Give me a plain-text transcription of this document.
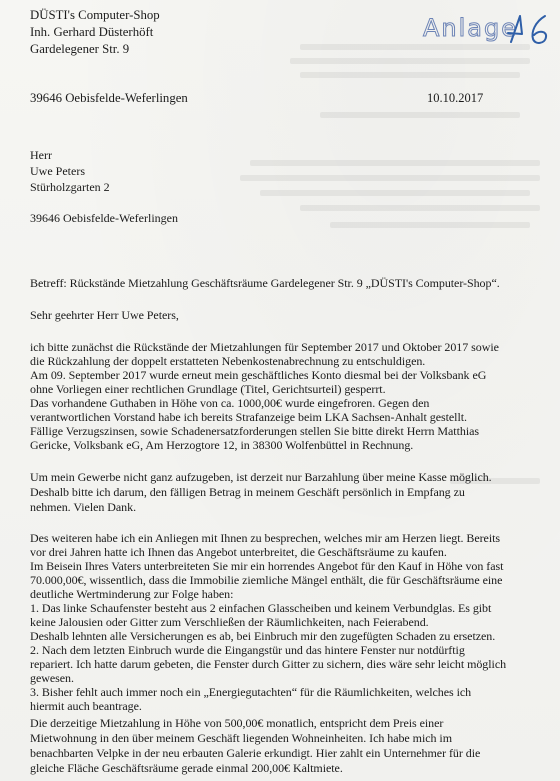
Anlage
DÜSTI's Computer-Shop
Inh. Gerhard Düsterhöft
Gardelegener Str. 9
39646 Oebisfelde-Weferlingen	10.10.2017
Herr
Uwe Peters
Stürholzgarten 2
39646 Oebisfelde-Weferlingen
Betreff: Rückstände Mietzahlung Geschäftsräume Gardelegener Str. 9 „DÜSTI's Computer-Shop“.
Sehr geehrter Herr Uwe Peters,
ich bitte zunächst die Rückstände der Mietzahlungen für September 2017 und Oktober 2017 sowie
die Rückzahlung der doppelt erstatteten Nebenkostenabrechnung zu entschuldigen.
Am 09. September 2017 wurde erneut mein geschäftliches Konto diesmal bei der Volksbank eG
ohne Vorliegen einer rechtlichen Grundlage (Titel, Gerichtsurteil) gesperrt.
Das vorhandene Guthaben in Höhe von ca. 1000,00€ wurde eingefroren. Gegen den
verantwortlichen Vorstand habe ich bereits Strafanzeige beim LKA Sachsen-Anhalt gestellt.
Fällige Verzugszinsen, sowie Schadenersatzforderungen stellen Sie bitte direkt Herrn Matthias
Gericke, Volksbank eG, Am Herzogtore 12, in 38300 Wolfenbüttel in Rechnung.
Um mein Gewerbe nicht ganz aufzugeben, ist derzeit nur Barzahlung über meine Kasse möglich.
Deshalb bitte ich darum, den fälligen Betrag in meinem Geschäft persönlich in Empfang zu
nehmen. Vielen Dank.
Des weiteren habe ich ein Anliegen mit Ihnen zu besprechen, welches mir am Herzen liegt. Bereits
vor drei Jahren hatte ich Ihnen das Angebot unterbreitet, die Geschäftsräume zu kaufen.
Im Beisein Ihres Vaters unterbreiteten Sie mir ein horrendes Angebot für den Kauf in Höhe von fast
70.000,00€, wissentlich, dass die Immobilie ziemliche Mängel enthält, die für Geschäftsräume eine
deutliche Wertminderung zur Folge haben:
1. Das linke Schaufenster besteht aus 2 einfachen Glasscheiben und keinem Verbundglas. Es gibt
keine Jalousien oder Gitter zum Verschließen der Räumlichkeiten, nach Feierabend.
Deshalb lehnten alle Versicherungen es ab, bei Einbruch mir den zugefügten Schaden zu ersetzen.
2. Nach dem letzten Einbruch wurde die Eingangstür und das hintere Fenster nur notdürftig
repariert. Ich hatte darum gebeten, die Fenster durch Gitter zu sichern, dies wäre sehr leicht möglich
gewesen.
3. Bisher fehlt auch immer noch ein „Energiegutachten“ für die Räumlichkeiten, welches ich
hiermit auch beantrage.
Die derzeitige Mietzahlung in Höhe von 500,00€ monatlich, entspricht dem Preis einer
Mietwohnung in den über meinem Geschäft liegenden Wohneinheiten. Ich habe mich im
benachbarten Velpke in der neu erbauten Galerie erkundigt. Hier zahlt ein Unternehmer für die
gleiche Fläche Geschäftsräume gerade einmal 200,00€ Kaltmiete.
